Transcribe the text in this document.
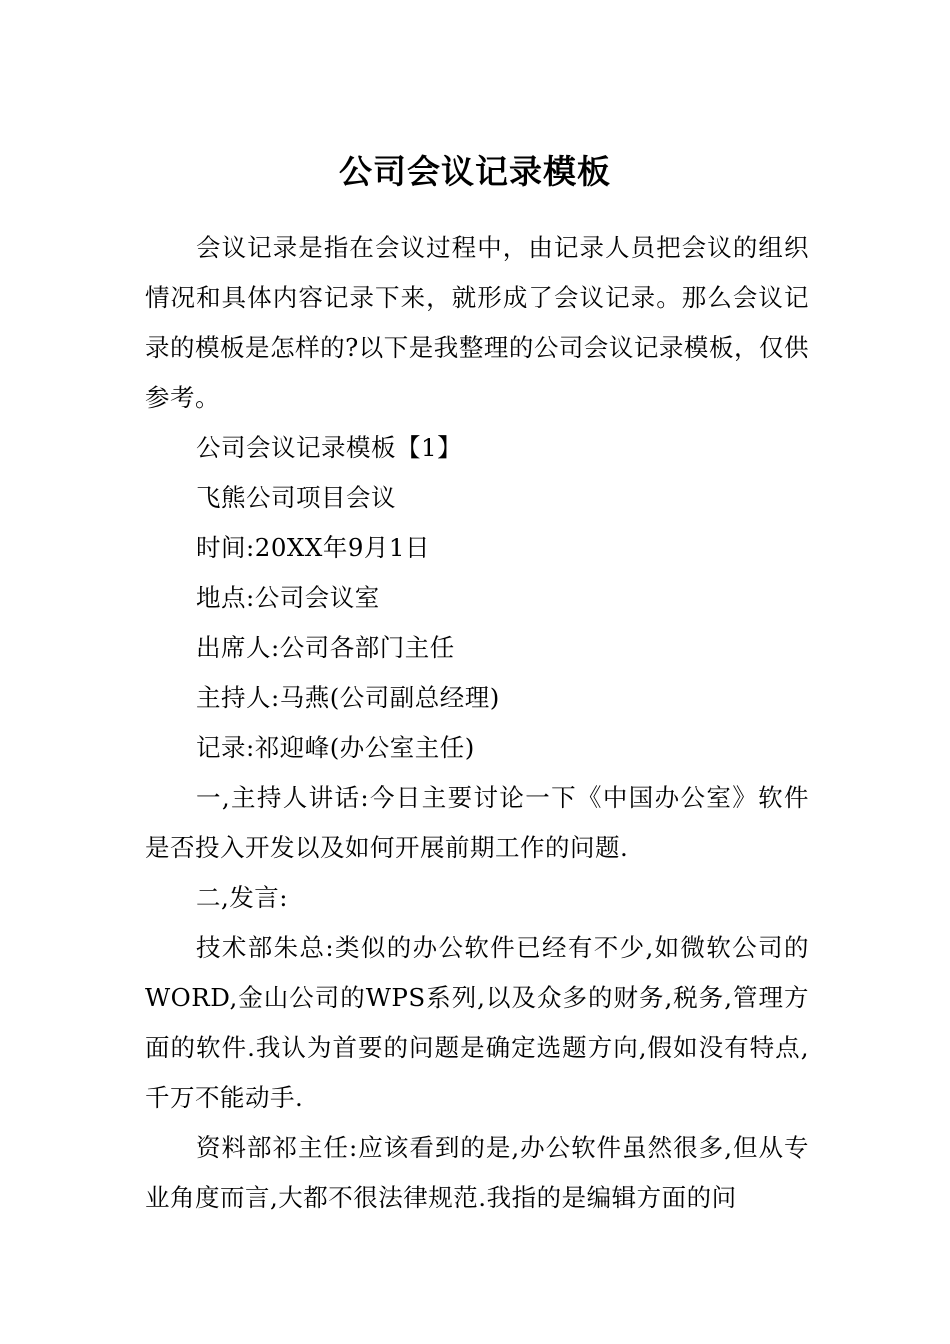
公司会议记录模板

会议记录是指在会议过程中，由记录人员把会议的组织情况和具体内容记录下来，就形成了会议记录。那么会议记录的模板是怎样的?以下是我整理的公司会议记录模板，仅供参考。

公司会议记录模板【1】

飞熊公司项目会议

时间:20XX年9月1日

地点:公司会议室

出席人:公司各部门主任

主持人:马燕(公司副总经理)

记录:祁迎峰(办公室主任)

一,主持人讲话:今日主要讨论一下《中国办公室》软件是否投入开发以及如何开展前期工作的问题.

二,发言:

技术部朱总:类似的办公软件已经有不少,如微软公司的WORD,金山公司的WPS系列,以及众多的财务,税务,管理方面的软件.我认为首要的问题是确定选题方向,假如没有特点,千万不能动手.

资料部祁主任:应该看到的是,办公软件虽然很多,但从专业角度而言,大都不很法律规范.我指的是编辑方面的问
